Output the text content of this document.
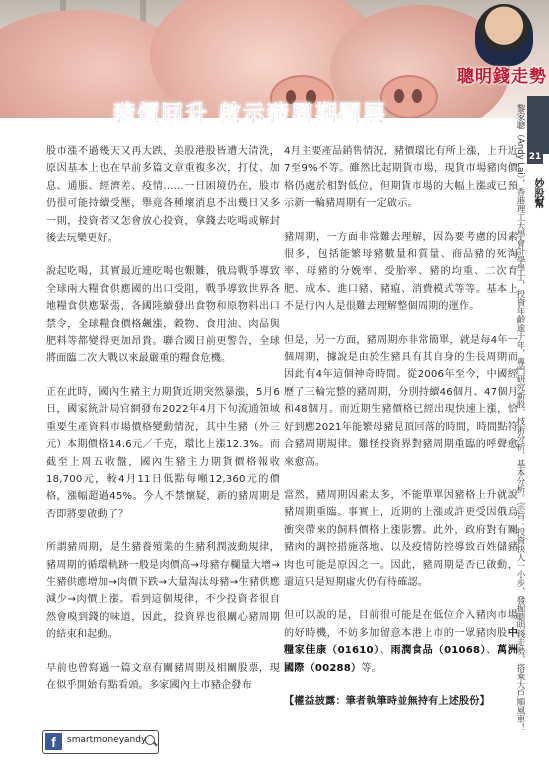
聰明錢走勢
豬價回升 啟示豬周期開展
21
妙股幫
黎家聰（Andy Lai），香港理工大學會計學學士，投資年齡逾十年，專門研究新股、技術分析、基本分析。宗旨：投資快人一小步，發掘聰明錢走勢，搭乘大戶順風車！

股市漲不過幾天又再大跌，美股港股皆遭大清洗，原因基本上也在早前多篇文章重複多次，打仗、加息、通脹、經濟差、疫情……一日困境仍在，股市仍很可能持續受壓，舉竟各種壞消息不出幾日又多一則，投資者又怎會放心投資，拿錢去吃喝或解封後去玩樂更好。

說起吃喝，其實最近連吃喝也艱難，俄烏戰爭導致全球兩大糧食供應國的出口受阻，戰爭導致世界各地糧食供應緊張，各國陸續發出食物和原物料出口禁令，全球糧食價格飆漲，穀物、食用油、肉品與肥料等都變得更加昂貴。聯合國日前更警告，全球將面臨二次大戰以來最嚴重的糧食危機。

正在此時，國內生豬主力期貨近期突然暴漲，5月6日，國家統計局官網發布2022年4月下旬流通領域重要生產資料市場價格變動情況，其中生豬（外三元）本期價格14.6元／千克，環比上漲12.3%。而截至上周五收盤，國內生豬主力期貨價格報收18,700元，較4月11日低點每噸12,360元的價格，漲幅超過45%。今人不禁懷疑，新的豬周期是否即將要啟動了？

所謂豬周期，是生豬養殖業的生豬利潤波動規律，豬周期的循環軌跡一般是肉價高→母豬存欄量大增→生豬供應增加→肉價下跌→大量淘汰母豬→生豬供應減少→肉價上漲。看到這個規律，不少投資者很自然會嗅到錢的味道，因此，投資界也很關心豬周期的結束和起動。

早前也曾寫過一篇文章有關豬周期及相關股票，現在似乎開始有點看頭。多家國內上市豬企發布

4月主要產品銷售情況，豬價環比有所上漲，上升近7至9%不等。雖然比起期貨市場，現貨市場豬肉價格仍處於相對低位，但期貨市場的大幅上漲或已預示新一輪豬周期有一定啟示。

豬周期，一方面非常難去理解，因為要考慮的因素很多，包括能繁母豬數量和質量、商品豬的死淘率、母豬的分娩率、受胎率、豬的均重、二次育肥、成本、進口豬、豬瘟、消費模式等等。基本上不是行內人是很難去理解整個周期的運作。

但是，另一方面，豬周期亦非常簡單，就是每4年一個周期，據說是由於生豬具有其自身的生長周期而因此有4年這個神奇時間。從2006年至今，中國經歷了三輪完整的豬周期，分別持續46個月、47個月和48個月。而近期生豬價格已經出現快速上漲，恰好到應2021年能繁母豬見頂回落的時間，時間點符合豬周期規律。難怪投資界對豬周期重臨的呼聲愈來愈高。

當然，豬周期因素太多，不能單單因豬格上升就說豬周期重臨。事實上，近期的上漲或許更受因俄烏衝突帶來的飼料價格上漲影響。此外，政府對有關豬肉的調控措施落地、以及疫情防控導致百姓儲豬肉也可能是原因之一。因此，豬周期是否已啟動，還這只是短期虛火仍有待確認。

但可以說的是，目前很可能是在低位介入豬肉市場的好時機，不妨多加留意本港上市的一眾豬肉股中糧家佳康（01610）、雨潤食品（01068）、萬洲國際（00288）等。

【權益披露：筆者執筆時並無持有上述股份】

f	smartmoneyandy
